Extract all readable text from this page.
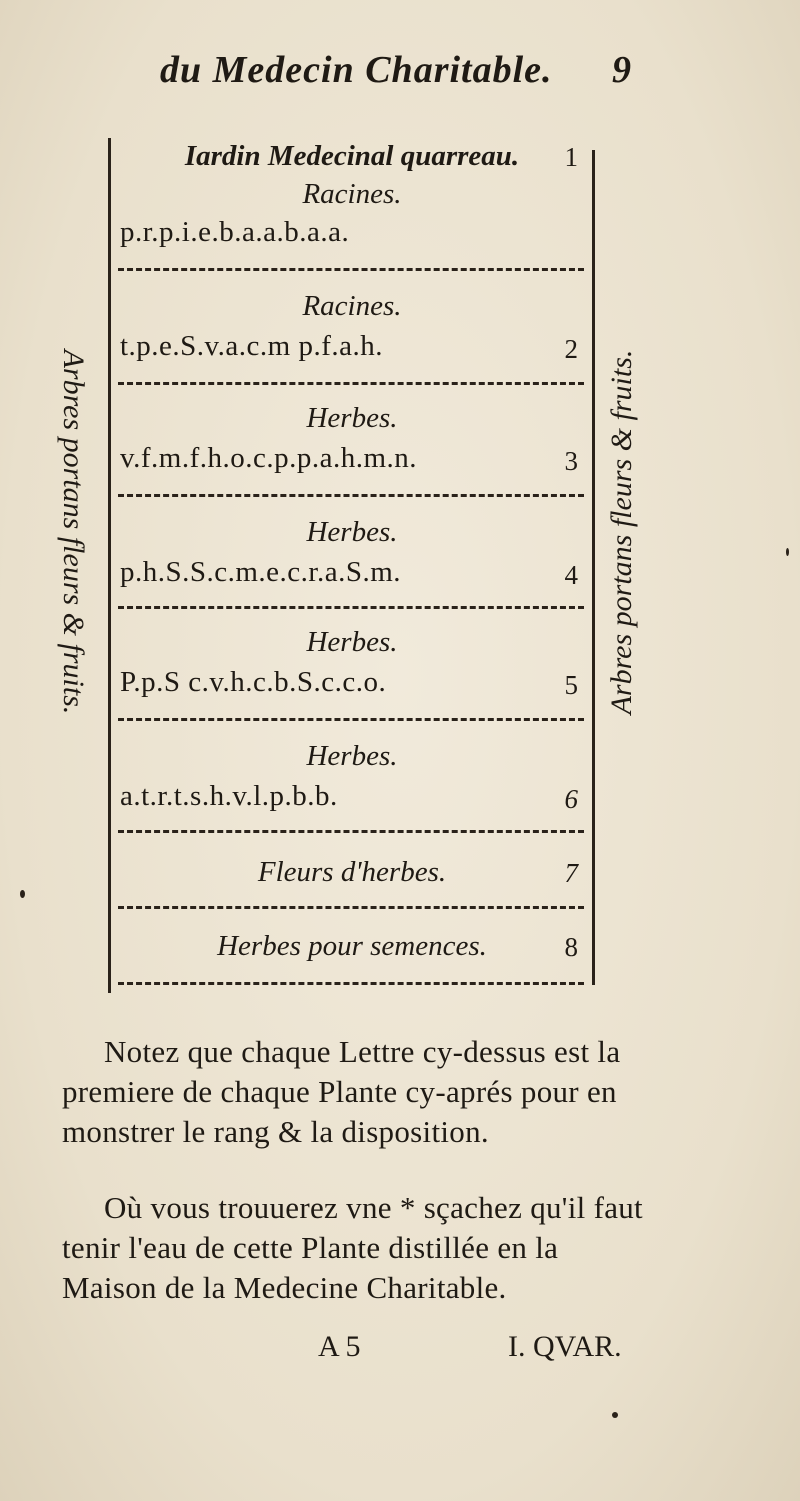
du Medecin Charitable.	9
Arbres portans fleurs & fruits.	Arbres portans fleurs & fruits.
Iardin Medecinal quarreau.	1
Racines.
p.r.p.i.e.b.a.a.b.a.a.
Racines.
t.p.e.S.v.a.c.m p.f.a.h.	2
Herbes.
v.f.m.f.h.o.c.p.p.a.h.m.n.	3
Herbes.
p.h.S.S.c.m.e.c.r.a.S.m.	4
Herbes.
P.p.S c.v.h.c.b.S.c.c.o.	5
Herbes.
a.t.r.t.s.h.v.l.p.b.b.	6
Fleurs d'herbes.	7
Herbes pour semences.	8
Notez que chaque Lettre cy-dessus est la premiere de chaque Plante cy-aprés pour en monstrer le rang & la disposition.
Où vous trouuerez vne * sçachez qu'il faut tenir l'eau de cette Plante distillée en la Maison de la Medecine Charitable.
A 5	I. QVAR.
